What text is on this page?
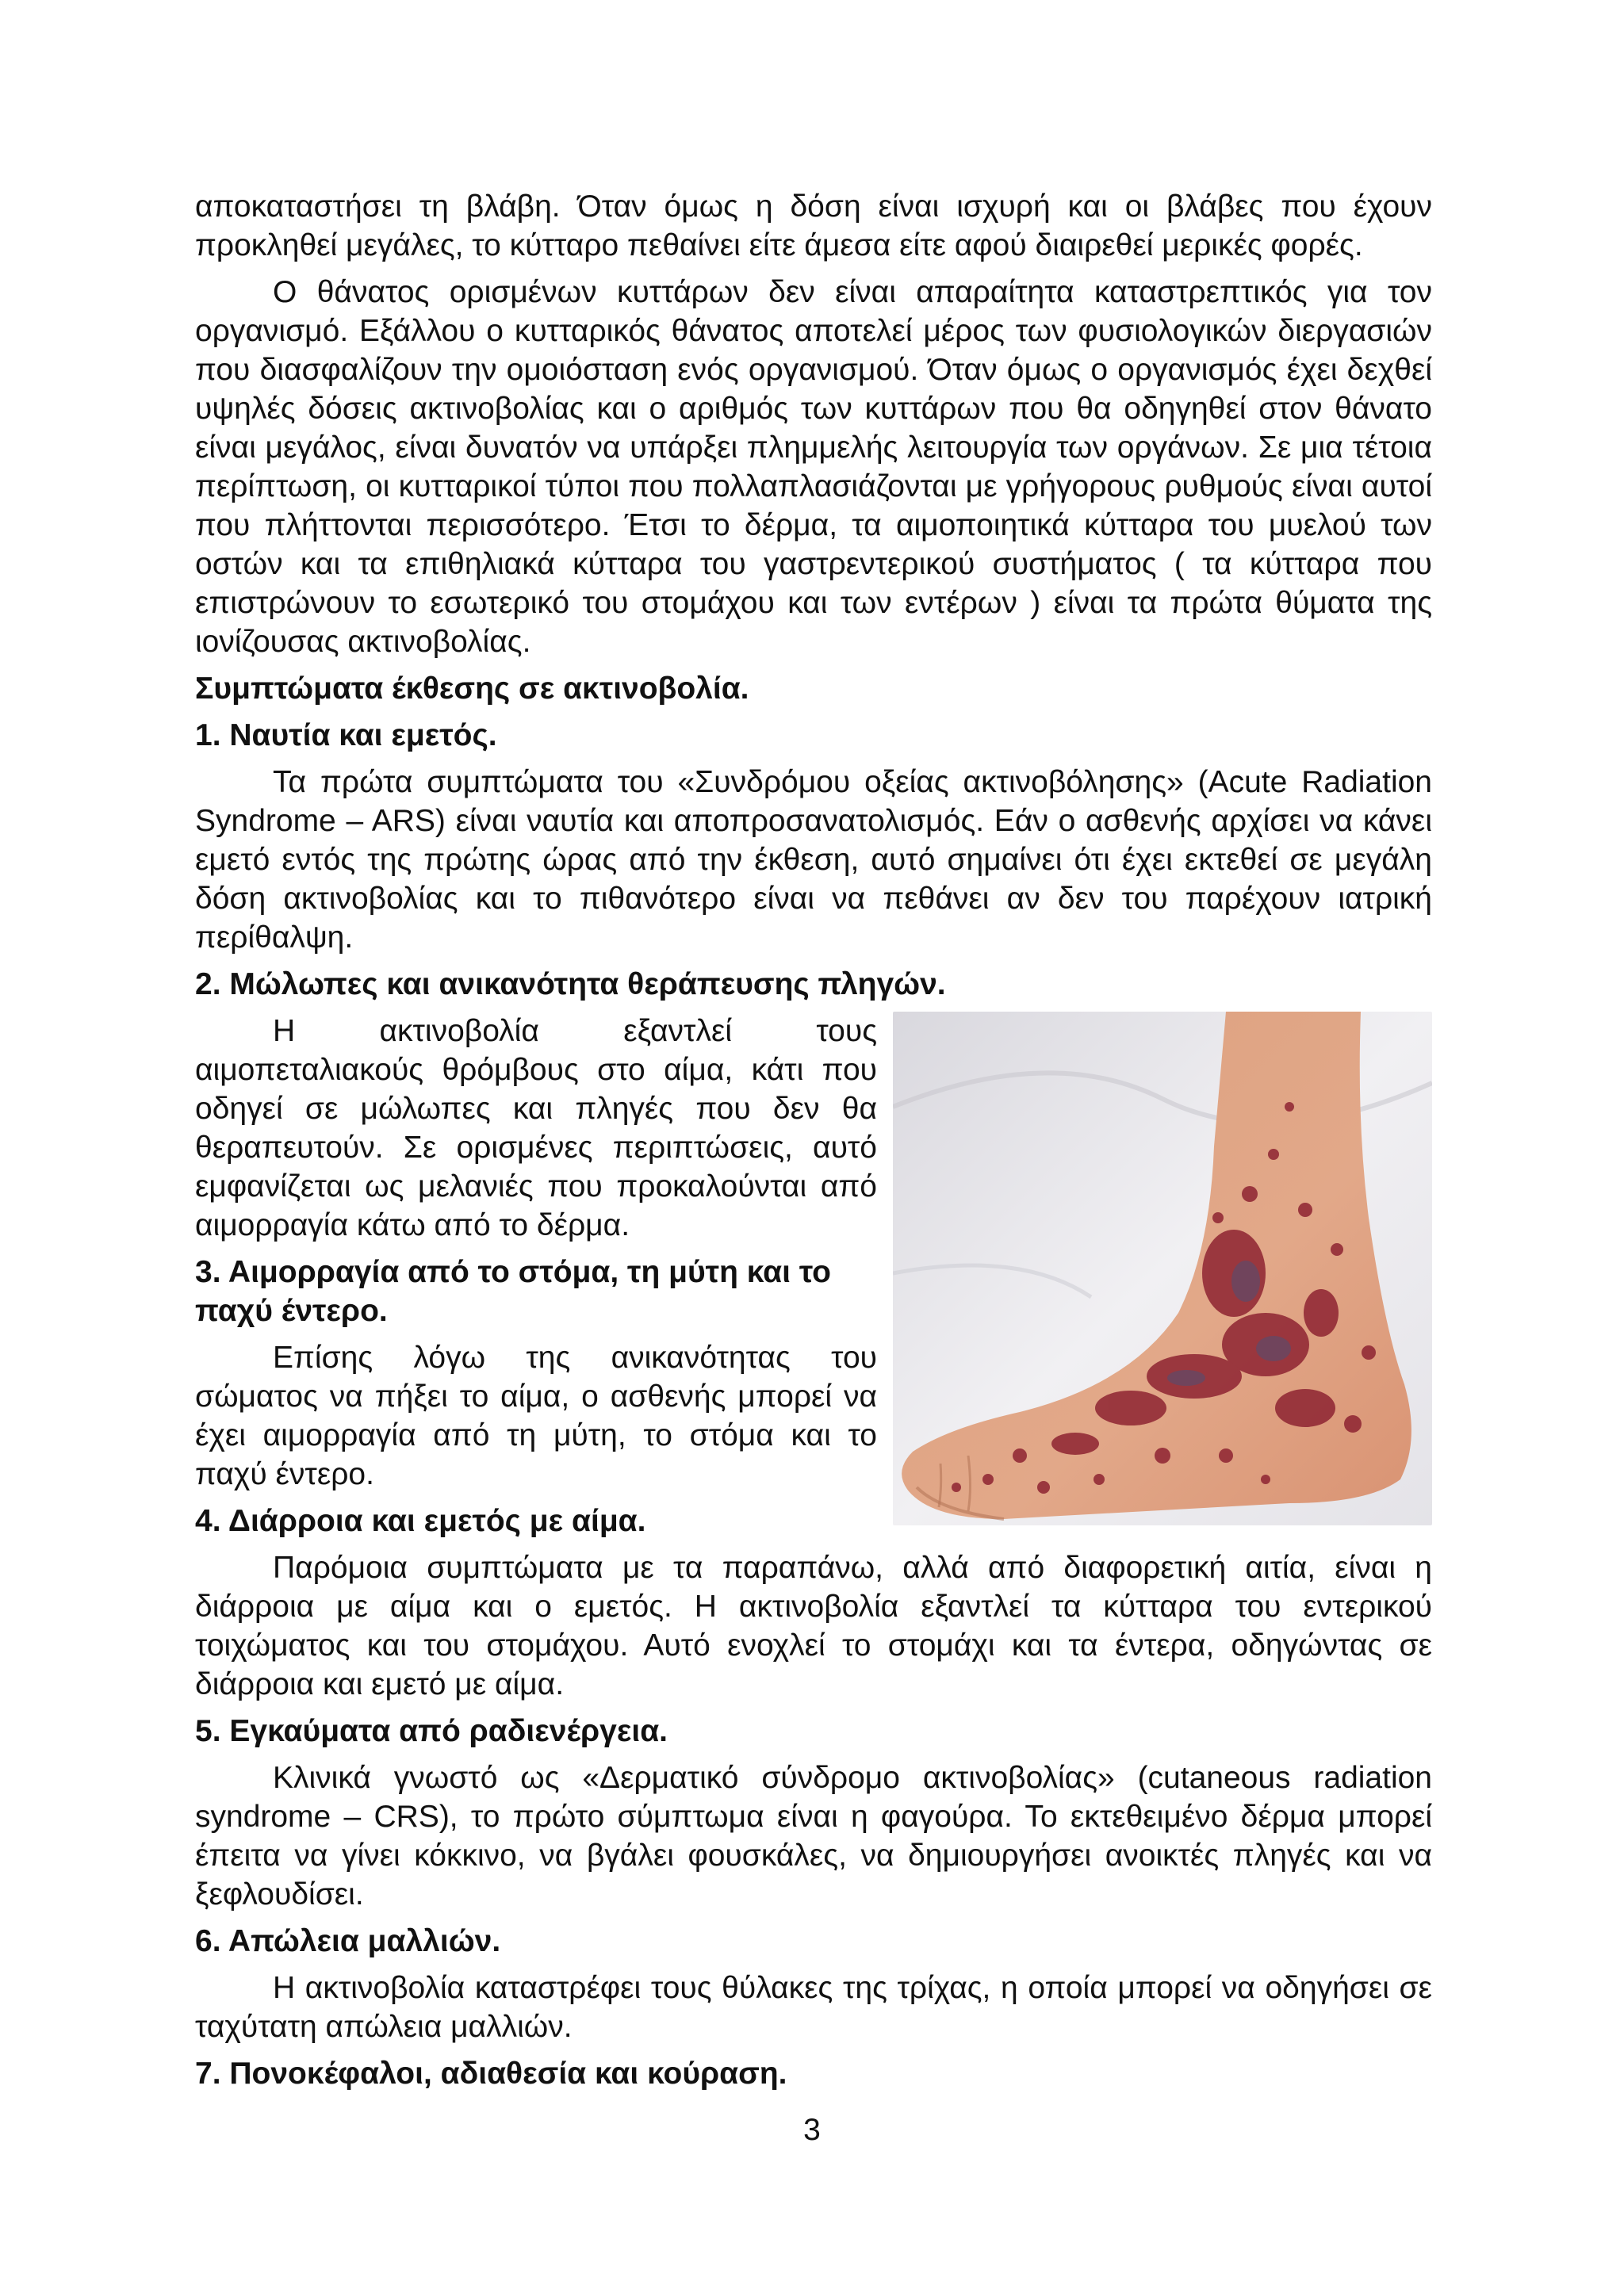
αποκαταστήσει τη βλάβη. Όταν όμως η δόση είναι ισχυρή και οι βλάβες που έχουν προκληθεί μεγάλες, το κύτταρο πεθαίνει είτε άμεσα είτε αφού διαιρεθεί μερικές φορές.

Ο θάνατος ορισμένων κυττάρων δεν είναι απαραίτητα καταστρεπτικός για τον οργανισμό. Εξάλλου ο κυτταρικός θάνατος αποτελεί μέρος των φυσιολογικών διεργασιών που διασφαλίζουν την ομοιόσταση ενός οργανισμού. Όταν όμως ο οργανισμός έχει δεχθεί υψηλές δόσεις ακτινοβολίας και ο αριθμός των κυττάρων που θα οδηγηθεί στον θάνατο είναι μεγάλος, είναι δυνατόν να υπάρξει πλημμελής λειτουργία των οργάνων. Σε μια τέτοια περίπτωση, οι κυτταρικοί τύποι που πολλαπλασιάζονται με γρήγορους ρυθμούς είναι αυτοί που πλήττονται περισσότερο. Έτσι το δέρμα, τα αιμοποιητικά κύτταρα του μυελού των οστών και τα επιθηλιακά κύτταρα του γαστρεντερικού συστήματος ( τα κύτταρα που επιστρώνουν το εσωτερικό του στομάχου και των εντέρων ) είναι τα πρώτα θύματα της ιονίζουσας ακτινοβολίας.

Συμπτώματα έκθεσης σε ακτινοβολία.
1. Ναυτία και εμετός.

Τα πρώτα συμπτώματα του «Συνδρόμου οξείας ακτινοβόλησης» (Acute Radiation Syndrome – ARS) είναι ναυτία και αποπροσανατολισμός. Εάν ο ασθενής αρχίσει να κάνει εμετό εντός της πρώτης ώρας από την έκθεση, αυτό σημαίνει ότι έχει εκτεθεί σε μεγάλη δόση ακτινοβολίας και το πιθανότερο είναι να πεθάνει αν δεν του παρέχουν ιατρική περίθαλψη.

2. Μώλωπες και ανικανότητα θεράπευσης πληγών.

Η ακτινοβολία εξαντλεί τους αιμοπεταλιακούς θρόμβους στο αίμα, κάτι που οδηγεί σε μώλωπες και πληγές που δεν θα θεραπευτούν. Σε ορισμένες περιπτώσεις, αυτό εμφανίζεται ως μελανιές που προκαλούνται από αιμορραγία κάτω από το δέρμα.

3. Αιμορραγία από το στόμα, τη μύτη και το παχύ έντερο.

Επίσης λόγω της ανικανότητας του σώματος να πήξει το αίμα, ο ασθενής μπορεί να έχει αιμορραγία από τη μύτη, το στόμα και το παχύ έντερο.

4. Διάρροια και εμετός με αίμα.

Παρόμοια συμπτώματα με τα παραπάνω, αλλά από διαφορετική αιτία, είναι η διάρροια με αίμα και ο εμετός. Η ακτινοβολία εξαντλεί τα κύτταρα του εντερικού τοιχώματος και του στομάχου. Αυτό ενοχλεί το στομάχι και τα έντερα, οδηγώντας σε διάρροια και εμετό με αίμα.

5. Εγκαύματα από ραδιενέργεια.

Κλινικά γνωστό ως «Δερματικό σύνδρομο ακτινοβολίας» (cutaneous radiation syndrome – CRS), το πρώτο σύμπτωμα είναι η φαγούρα. Το εκτεθειμένο δέρμα μπορεί έπειτα να γίνει κόκκινο, να βγάλει φουσκάλες, να δημιουργήσει ανοικτές πληγές και να ξεφλουδίσει.

6. Απώλεια μαλλιών.

Η ακτινοβολία καταστρέφει τους θύλακες της τρίχας, η οποία μπορεί να οδηγήσει σε ταχύτατη απώλεια μαλλιών.

7. Πονοκέφαλοι, αδιαθεσία και κούραση.
3
